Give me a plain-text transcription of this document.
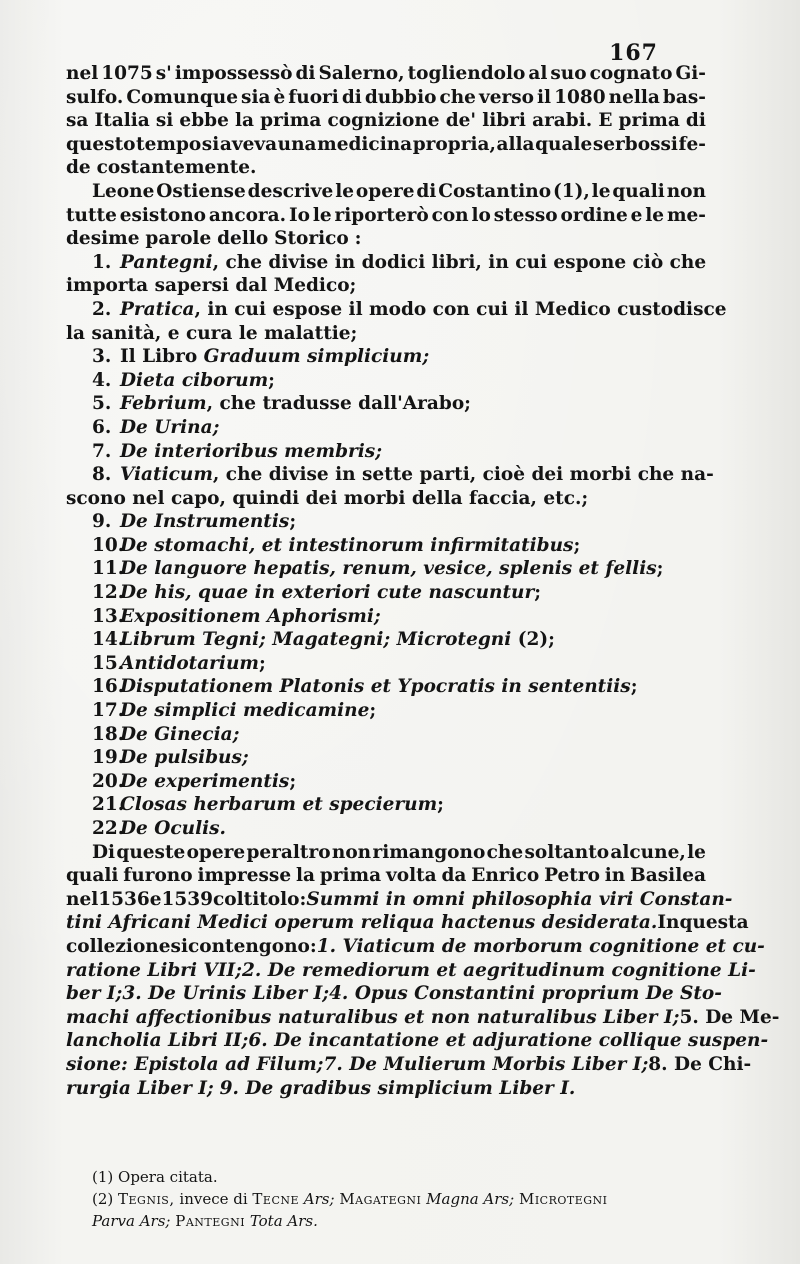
167
nel 1075 s' impossessò di Salerno, togliendolo al suo cognato Gi-
sulfo. Comunque sia è fuori di dubbio che verso il 1080 nella bas-
sa Italia si ebbe la prima cognizione de' libri arabi. E prima di
questo tempo si aveva una medicina propria, alla quale serbossi fe-
de costantemente.
Leone Ostiense descrive le opere di Costantino (1), le quali non
tutte esistono ancora. Io le riporterò con lo stesso ordine e le me-
desime parole dello Storico :
1. Pantegni, che divise in dodici libri, in cui espone ciò che
importa sapersi dal Medico;
2. Pratica, in cui espose il modo con cui il Medico custodisce
la sanità, e cura le malattie;
3. Il Libro Graduum simplicium;
4. Dieta ciborum;
5. Febrium, che tradusse dall'Arabo;
6. De Urina;
7. De interioribus membris;
8. Viaticum, che divise in sette parti, cioè dei morbi che na-
scono nel capo, quindi dei morbi della faccia, etc.;
9. De Instrumentis;
10.De stomachi, et intestinorum infirmitatibus;
11.De languore hepatis, renum, vesice, splenis et fellis;
12.De his, quae in exteriori cute nascuntur;
13.Expositionem Aphorismi;
14.Librum Tegni; Magategni; Microtegni (2);
15.Antidotarium;
16.Disputationem Platonis et Ypocratis in sententiis;
17.De simplici medicamine;
18.De Ginecia;
19.De pulsibus;
20.De experimentis;
21.Closas herbarum et specierum;
22.De Oculis.
Di queste opere peraltro non rimangono che soltanto alcune, le
quali furono impresse la prima volta da Enrico Petro in Basilea
nel 1536 e 1539 col titolo: Summi in omni philosophia viri Constan-
tini Africani Medici operum reliqua hactenus desiderata. In questa
collezione si contengono : 1. Viaticum de morborum cognitione et cu-
ratione Libri VII; 2. De remediorum et aegritudinum cognitione Li-
ber I; 3. De Urinis Liber I; 4. Opus Constantini proprium De Sto-
machi affectionibus naturalibus et non naturalibus Liber I; 5. De Me-
lancholia Libri II; 6. De incantatione et adjuratione collique suspen-
sione: Epistola ad Filum; 7. De Mulierum Morbis Liber I; 8. De Chi-
rurgia Liber I; 9. De gradibus simplicium Liber I.
(1) Opera citata.
(2) Tegnis, invece di Tecne Ars; Magategni Magna Ars; Microtegni
Parva Ars; Pantegni Tota Ars.
